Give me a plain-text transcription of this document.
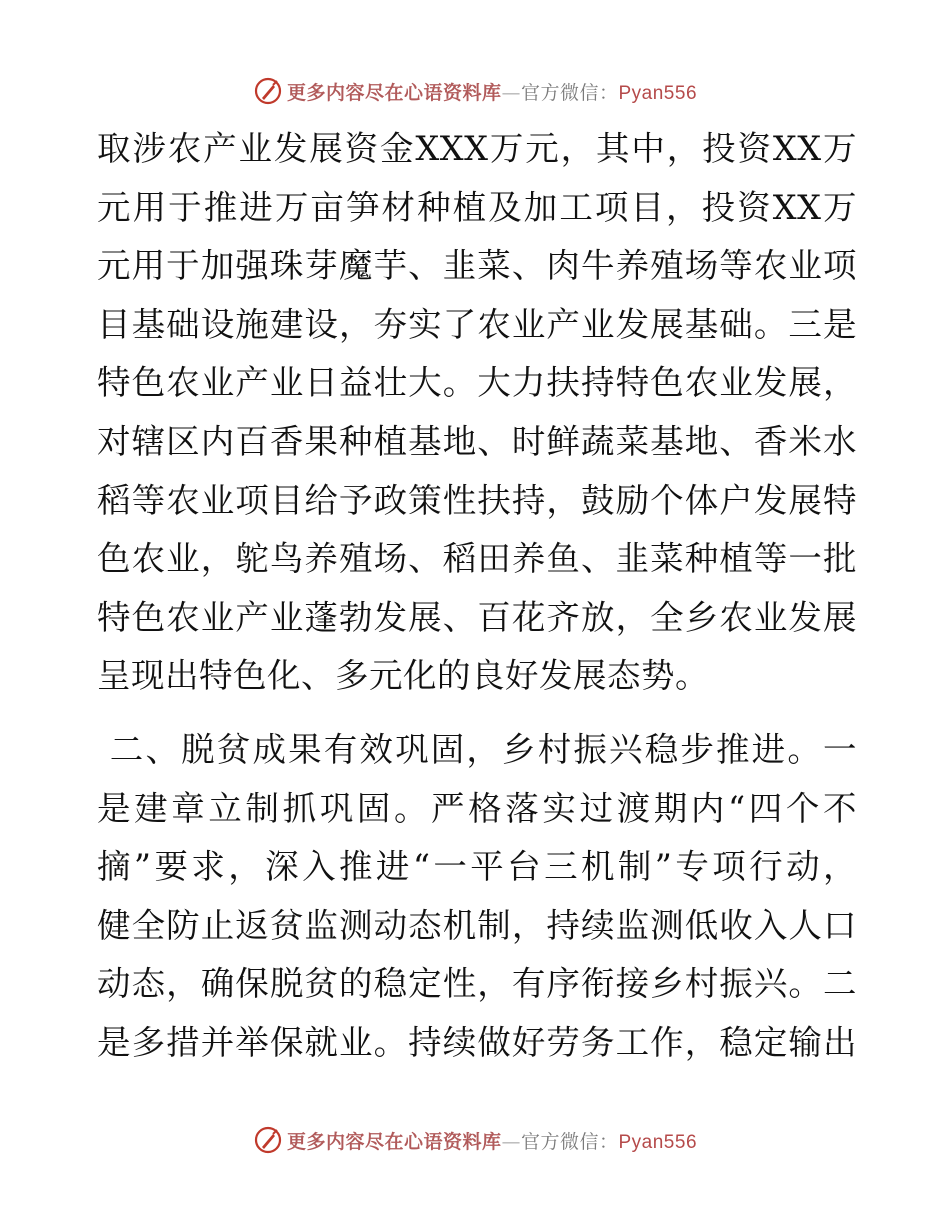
更多内容尽在心语资料库—官方微信：Pyan556

取涉农产业发展资金XXX万元，其中，投资XX万

元用于推进万亩笋材种植及加工项目，投资XX万

元用于加强珠芽魔芋、韭菜、肉牛养殖场等农业项

目基础设施建设，夯实了农业产业发展基础。三是

特色农业产业日益壮大。大力扶持特色农业发展，

对辖区内百香果种植基地、时鲜蔬菜基地、香米水

稻等农业项目给予政策性扶持，鼓励个体户发展特

色农业，鸵鸟养殖场、稻田养鱼、韭菜种植等一批

特色农业产业蓬勃发展、百花齐放，全乡农业发展

呈现出特色化、多元化的良好发展态势。

二、脱贫成果有效巩固，乡村振兴稳步推进。一

是建章立制抓巩固。严格落实过渡期内“四个不

摘”要求，深入推进“一平台三机制”专项行动，

健全防止返贫监测动态机制，持续监测低收入人口

动态，确保脱贫的稳定性，有序衔接乡村振兴。二

是多措并举保就业。持续做好劳务工作，稳定输出

更多内容尽在心语资料库—官方微信：Pyan556
